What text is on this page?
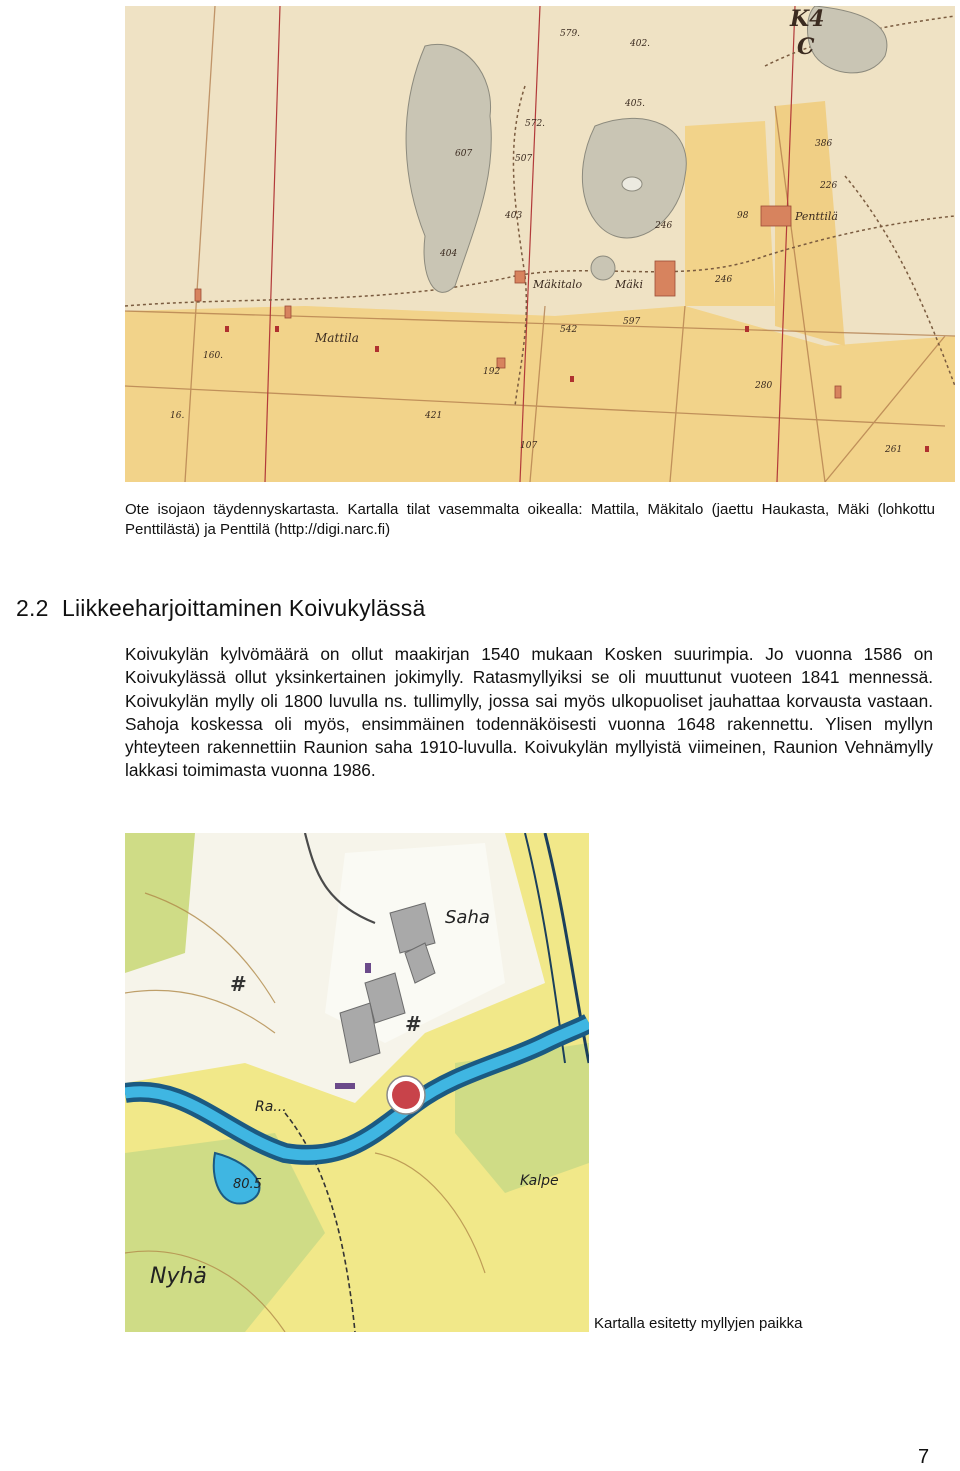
K4
C
Mattila
Mäkitalo	Mäki
Penttilä
579.
402.
607
572.
405.
507
246
403
386
226
98
404
542
597
246
280
16.	421
192
160.
107	261

Ote isojaon täydennyskartasta. Kartalla tilat vasemmalta oikealla: Mattila, Mäkitalo (jaettu Haukasta, Mäki (lohkottu Penttilästä) ja Penttilä (http://digi.narc.fi)

2.2 Liikkeeharjoittaminen Koivukylässä

Koivukylän kylvömäärä on ollut maakirjan 1540 mukaan Kosken suurimpia. Jo vuonna 1586 on Koivukylässä ollut yksinkertainen jokimylly. Ratasmyllyiksi se oli muuttunut vuoteen 1841 mennessä. Koivukylän mylly oli 1800 luvulla ns. tullimylly, jossa sai myös ulkopuoliset jauhattaa korvausta vastaan. Sahoja koskessa oli myös, ensimmäinen todennäköisesti vuonna 1648 rakennettu. Ylisen myllyn yhteyteen rakennettiin Raunion saha 1910-luvulla. Koivukylän myllyistä viimeinen, Raunion Vehnämylly lakkasi toimimasta vuonna 1986.

#
#
Saha
Nyhä
Kalpe
80.5
Ra...

Kartalla esitetty myllyjen paikka

7
